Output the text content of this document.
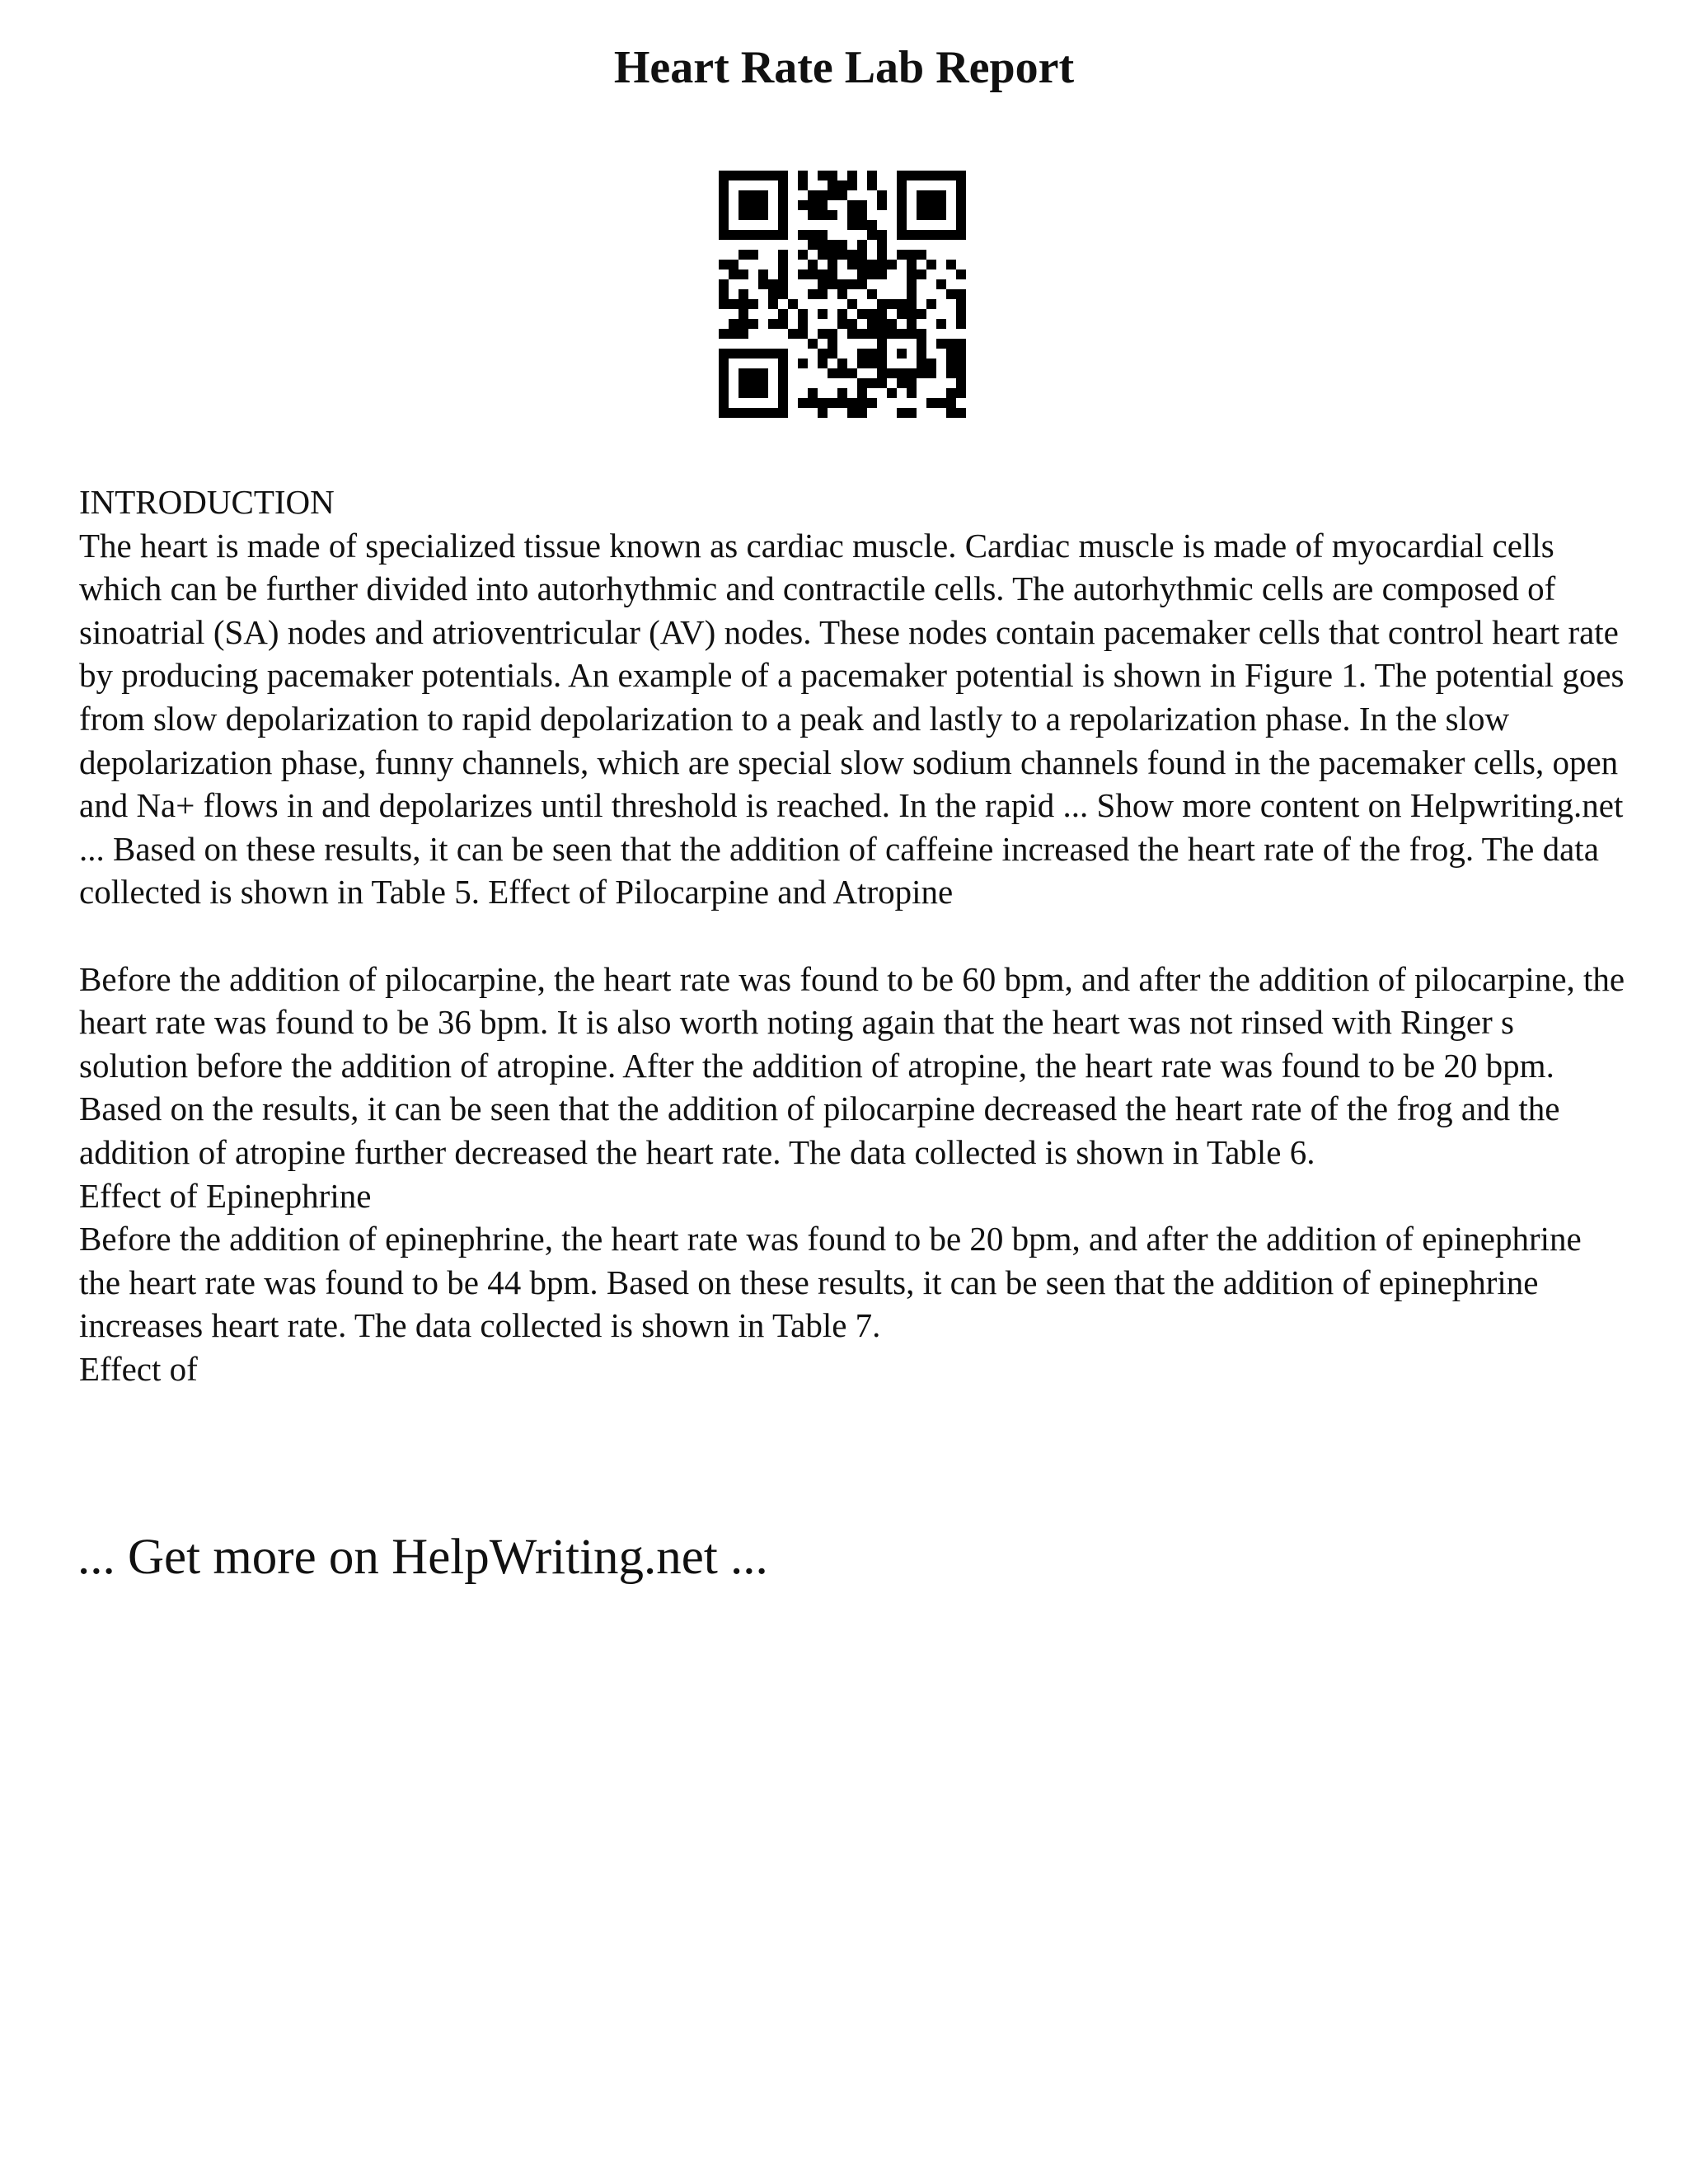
Heart Rate Lab Report

INTRODUCTION

The heart is made of specialized tissue known as cardiac muscle. Cardiac muscle is made of myocardial cells which can be further divided into autorhythmic and contractile cells. The autorhythmic cells are composed of sinoatrial (SA) nodes and atrioventricular (AV) nodes. These nodes contain pacemaker cells that control heart rate by producing pacemaker potentials. An example of a pacemaker potential is shown in Figure 1. The potential goes from slow depolarization to rapid depolarization to a peak and lastly to a repolarization phase. In the slow depolarization phase, funny channels, which are special slow sodium channels found in the pacemaker cells, open and Na+ flows in and depolarizes until threshold is reached. In the rapid ... Show more content on Helpwriting.net ... Based on these results, it can be seen that the addition of caffeine increased the heart rate of the frog. The data collected is shown in Table 5. Effect of Pilocarpine and Atropine

Before the addition of pilocarpine, the heart rate was found to be 60 bpm, and after the addition of pilocarpine, the heart rate was found to be 36 bpm. It is also worth noting again that the heart was not rinsed with Ringer s solution before the addition of atropine. After the addition of atropine, the heart rate was found to be 20 bpm. Based on the results, it can be seen that the addition of pilocarpine decreased the heart rate of the frog and the addition of atropine further decreased the heart rate. The data collected is shown in Table 6.

Effect of Epinephrine

Before the addition of epinephrine, the heart rate was found to be 20 bpm, and after the addition of epinephrine the heart rate was found to be 44 bpm. Based on these results, it can be seen that the addition of epinephrine increases heart rate. The data collected is shown in Table 7.

Effect of

... Get more on HelpWriting.net ...
